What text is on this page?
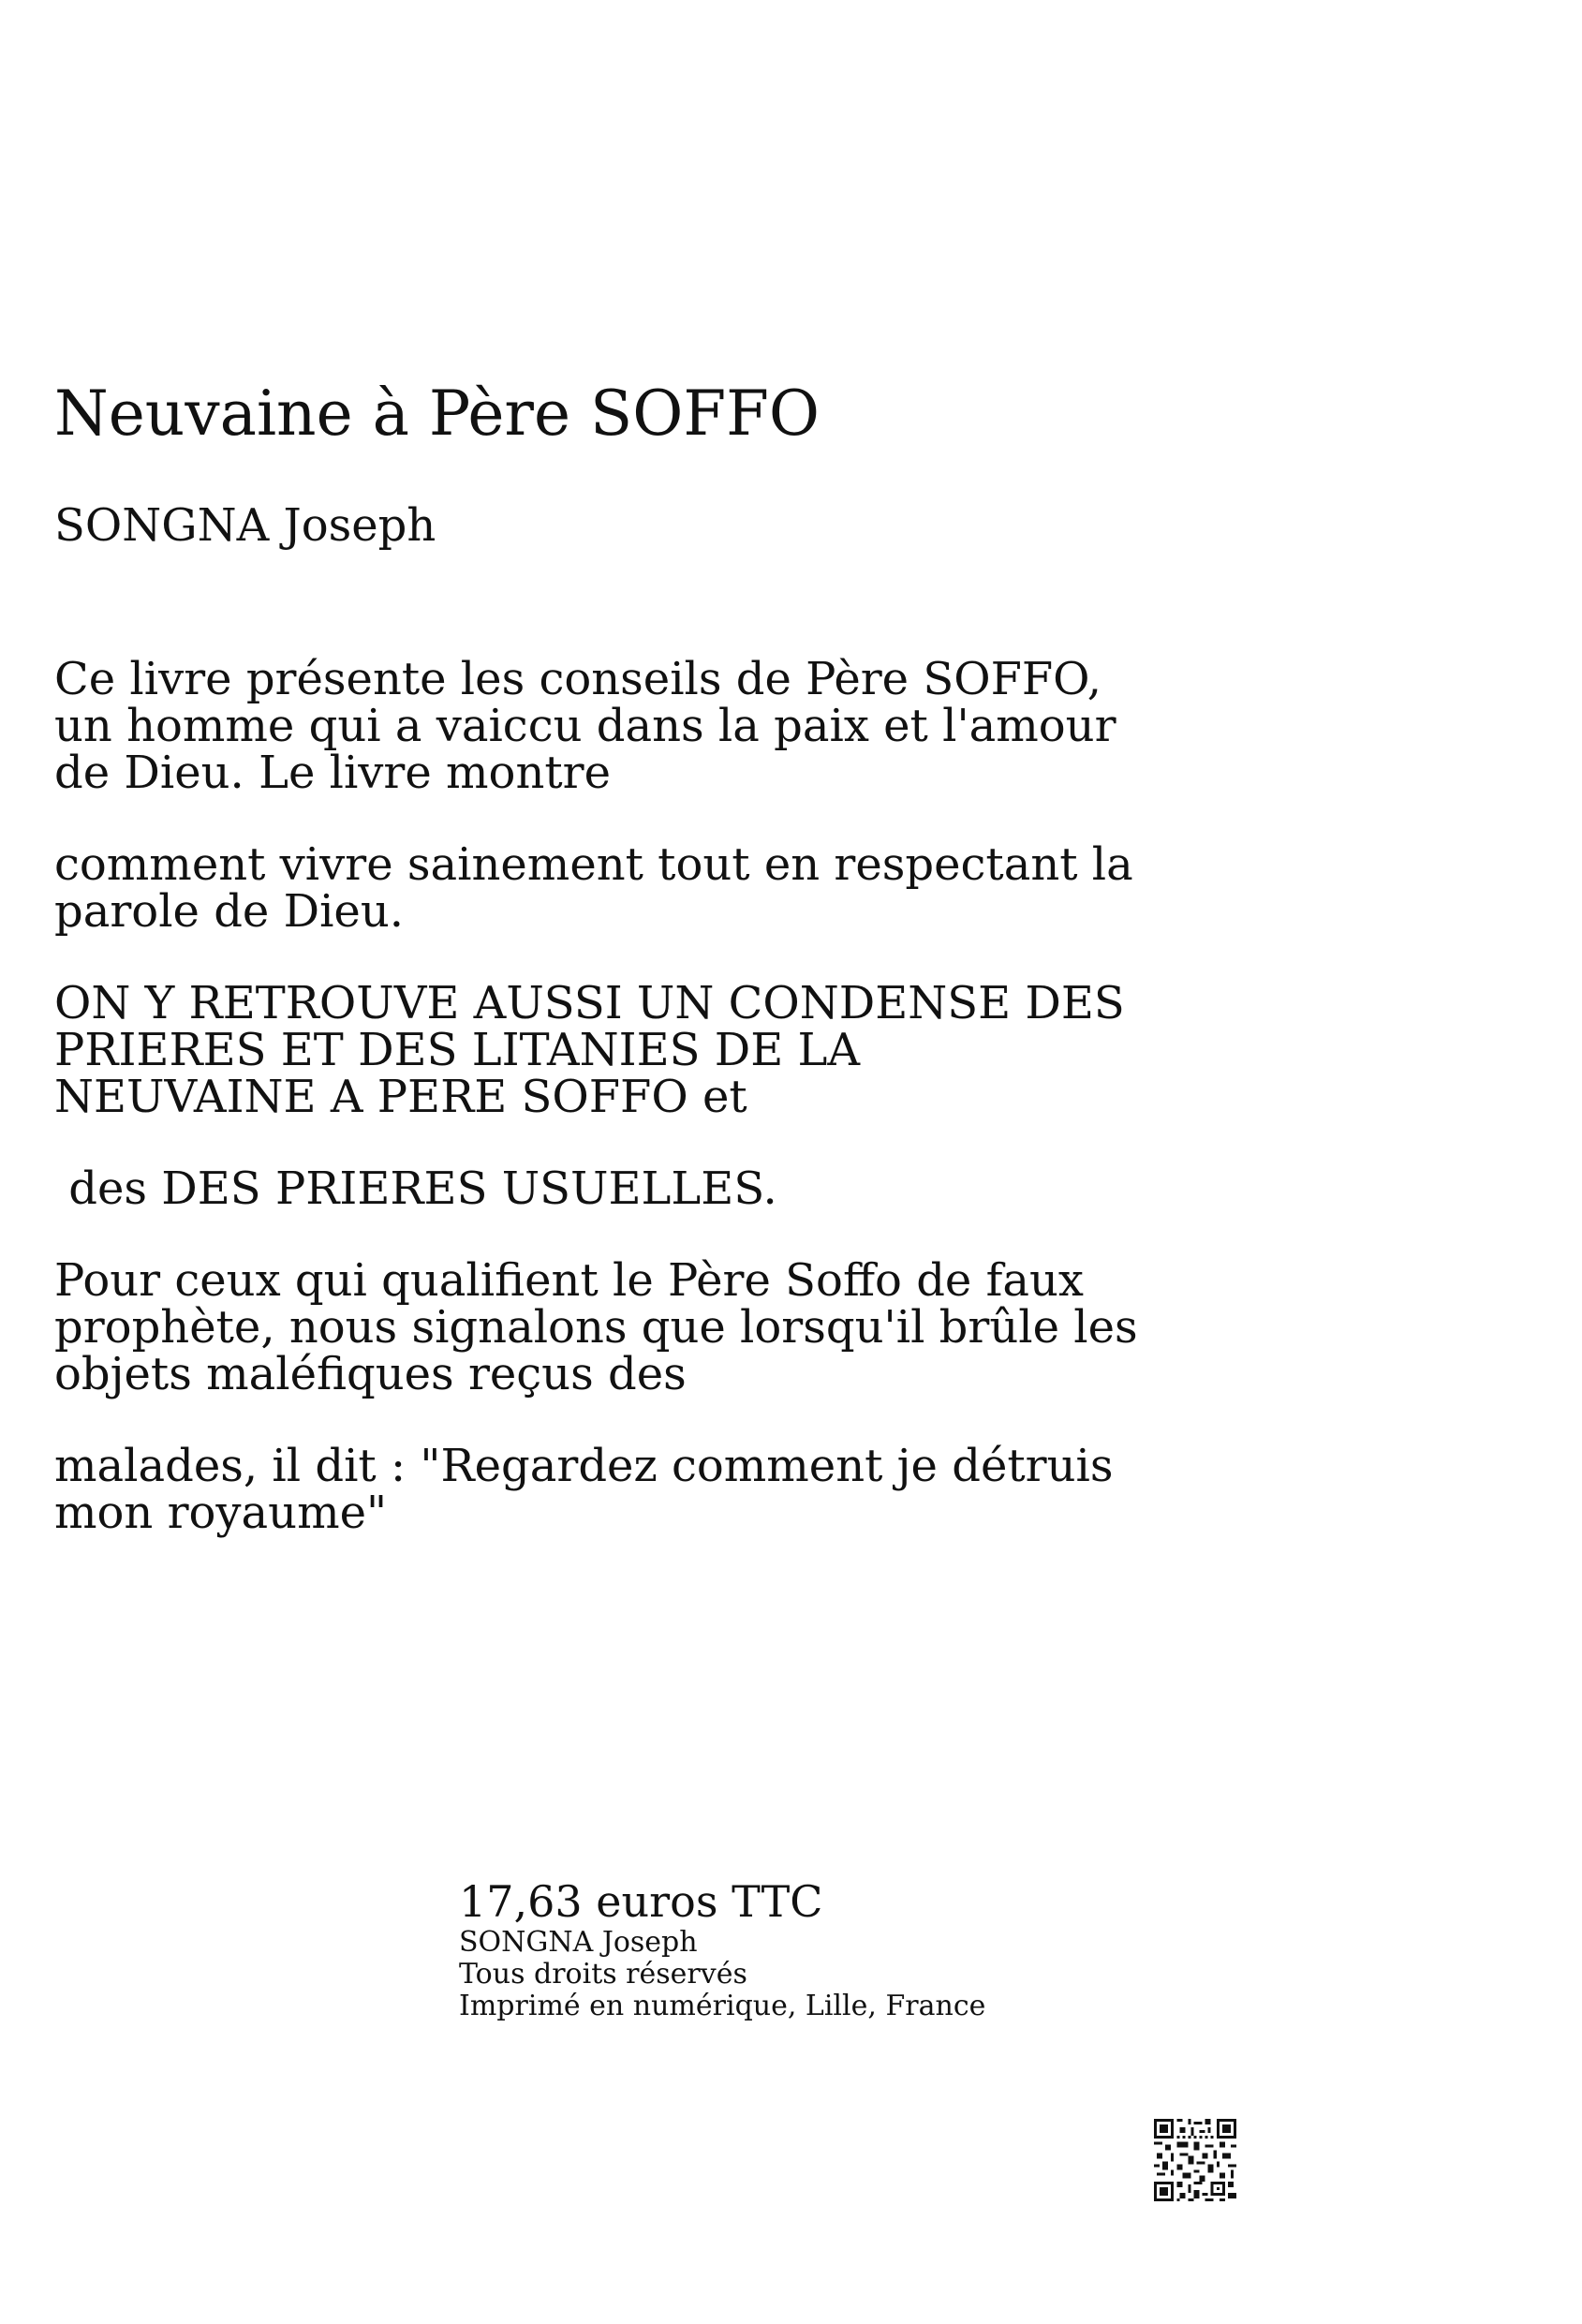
Neuvaine à Père SOFFO
SONGNA Joseph

Ce livre présente les conseils de Père SOFFO,
un homme qui a vaiccu dans la paix et l'amour
de Dieu. Le livre montre

comment vivre sainement tout en respectant la
parole de Dieu.

ON Y RETROUVE AUSSI UN CONDENSE DES
PRIERES ET DES LITANIES DE LA
NEUVAINE A PERE SOFFO et

des DES PRIERES USUELLES.

Pour ceux qui qualifient le Père Soffo de faux
prophète, nous signalons que lorsqu'il brûle les
objets maléfiques reçus des

malades, il dit : "Regardez comment je détruis
mon royaume"

17,63 euros TTC
SONGNA Joseph
Tous droits réservés
Imprimé en numérique, Lille, France
